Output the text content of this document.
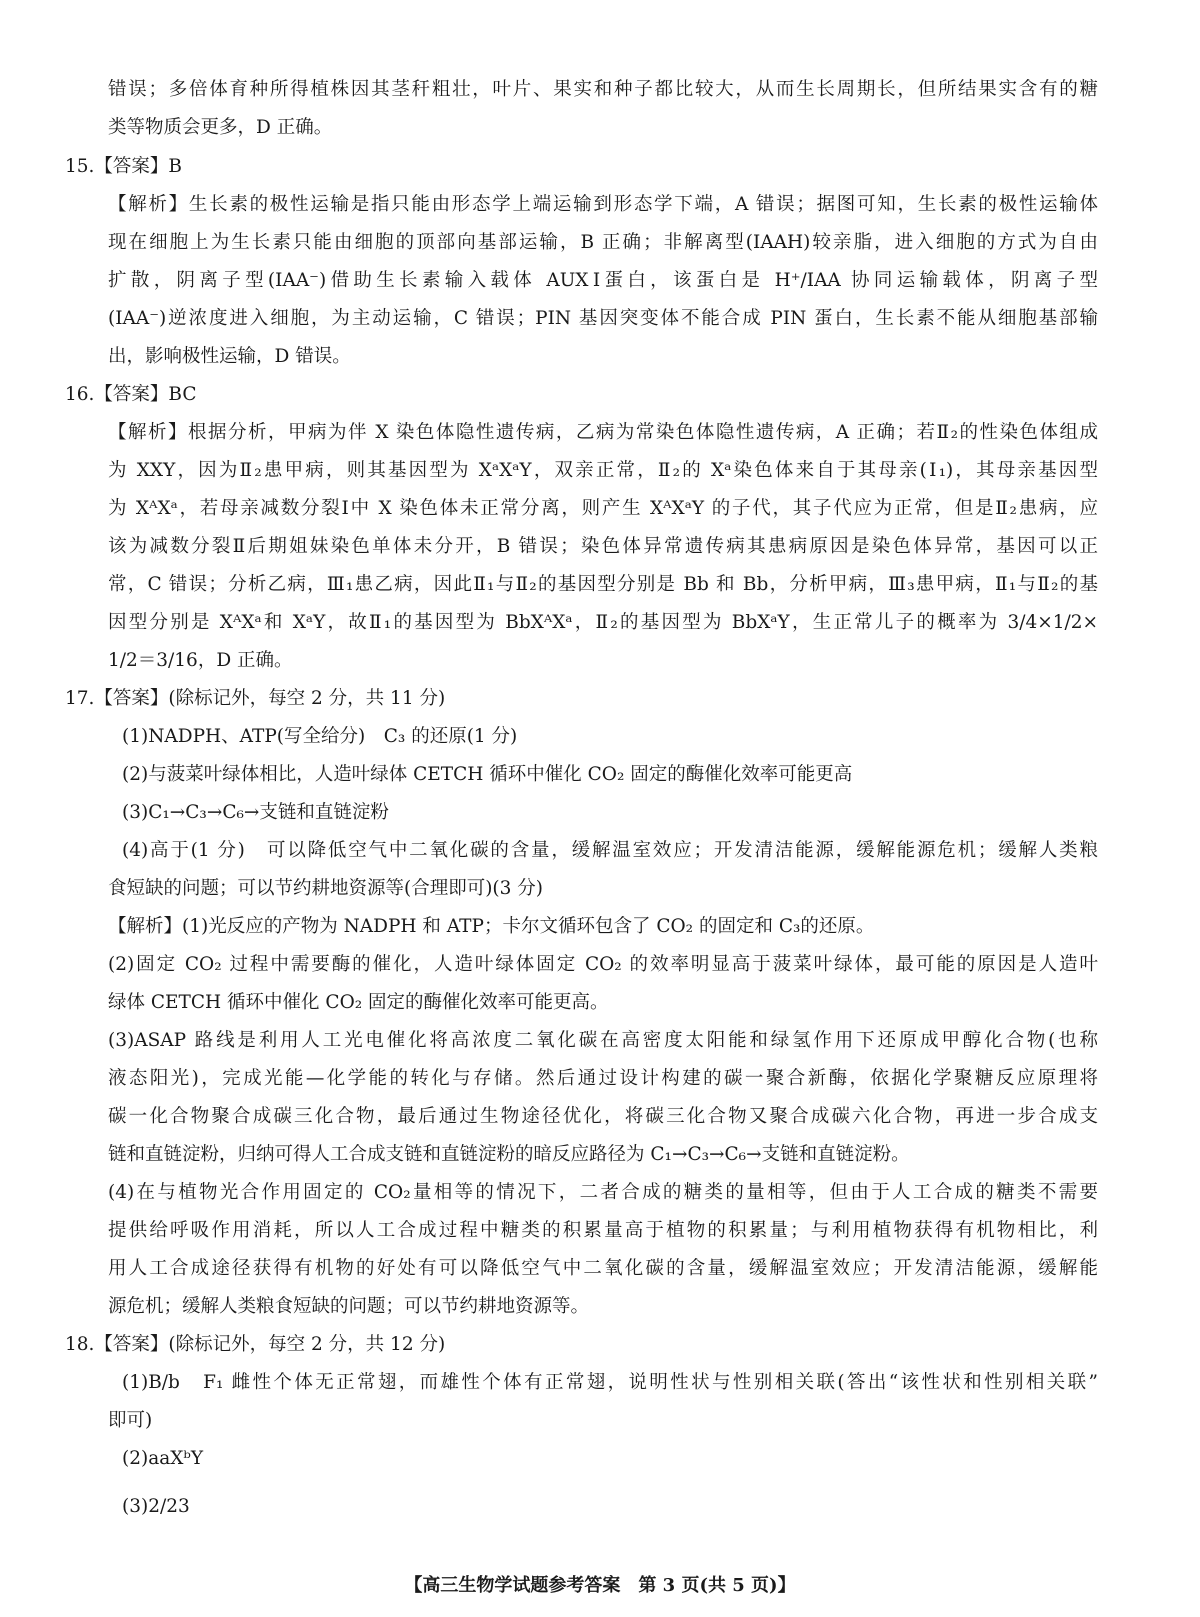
错误；多倍体育种所得植株因其茎秆粗壮，叶片、果实和种子都比较大，从而生长周期长，但所结果实含有的糖
类等物质会更多，D 正确。
15.【答案】B
【解析】生长素的极性运输是指只能由形态学上端运输到形态学下端，A 错误；据图可知，生长素的极性运输体
现在细胞上为生长素只能由细胞的顶部向基部运输，B 正确；非解离型(IAAH)较亲脂，进入细胞的方式为自由
扩散，阴离子型(IAA⁻)借助生长素输入载体 AUXⅠ蛋白，该蛋白是 H⁺/IAA 协同运输载体，阴离子型
(IAA⁻)逆浓度进入细胞，为主动运输，C 错误；PIN 基因突变体不能合成 PIN 蛋白，生长素不能从细胞基部输
出，影响极性运输，D 错误。
16.【答案】BC
【解析】根据分析，甲病为伴 X 染色体隐性遗传病，乙病为常染色体隐性遗传病，A 正确；若Ⅱ₂的性染色体组成
为 XXY，因为Ⅱ₂患甲病，则其基因型为 XᵃXᵃY，双亲正常，Ⅱ₂的 Xᵃ染色体来自于其母亲(Ⅰ₁)，其母亲基因型
为 XᴬXᵃ，若母亲减数分裂Ⅰ中 X 染色体未正常分离，则产生 XᴬXᵃY 的子代，其子代应为正常，但是Ⅱ₂患病，应
该为减数分裂Ⅱ后期姐妹染色单体未分开，B 错误；染色体异常遗传病其患病原因是染色体异常，基因可以正
常，C 错误；分析乙病，Ⅲ₁患乙病，因此Ⅱ₁与Ⅱ₂的基因型分别是 Bb 和 Bb，分析甲病，Ⅲ₃患甲病，Ⅱ₁与Ⅱ₂的基
因型分别是 XᴬXᵃ和 XᵃY，故Ⅱ₁的基因型为 BbXᴬXᵃ，Ⅱ₂的基因型为 BbXᵃY，生正常儿子的概率为 3/4×1/2×
1/2＝3/16，D 正确。
17.【答案】(除标记外，每空 2 分，共 11 分)
(1)NADPH、ATP(写全给分)　C₃ 的还原(1 分)
(2)与菠菜叶绿体相比，人造叶绿体 CETCH 循环中催化 CO₂ 固定的酶催化效率可能更高
(3)C₁→C₃→C₆→支链和直链淀粉
(4)高于(1 分)　可以降低空气中二氧化碳的含量，缓解温室效应；开发清洁能源，缓解能源危机；缓解人类粮
食短缺的问题；可以节约耕地资源等(合理即可)(3 分)
【解析】(1)光反应的产物为 NADPH 和 ATP；卡尔文循环包含了 CO₂ 的固定和 C₃的还原。
(2)固定 CO₂ 过程中需要酶的催化，人造叶绿体固定 CO₂ 的效率明显高于菠菜叶绿体，最可能的原因是人造叶
绿体 CETCH 循环中催化 CO₂ 固定的酶催化效率可能更高。
(3)ASAP 路线是利用人工光电催化将高浓度二氧化碳在高密度太阳能和绿氢作用下还原成甲醇化合物(也称
液态阳光)，完成光能—化学能的转化与存储。然后通过设计构建的碳一聚合新酶，依据化学聚糖反应原理将
碳一化合物聚合成碳三化合物，最后通过生物途径优化，将碳三化合物又聚合成碳六化合物，再进一步合成支
链和直链淀粉，归纳可得人工合成支链和直链淀粉的暗反应路径为 C₁→C₃→C₆→支链和直链淀粉。
(4)在与植物光合作用固定的 CO₂量相等的情况下，二者合成的糖类的量相等，但由于人工合成的糖类不需要
提供给呼吸作用消耗，所以人工合成过程中糖类的积累量高于植物的积累量；与利用植物获得有机物相比，利
用人工合成途径获得有机物的好处有可以降低空气中二氧化碳的含量，缓解温室效应；开发清洁能源，缓解能
源危机；缓解人类粮食短缺的问题；可以节约耕地资源等。
18.【答案】(除标记外，每空 2 分，共 12 分)
(1)B/b　F₁ 雌性个体无正常翅，而雄性个体有正常翅，说明性状与性别相关联(答出“该性状和性别相关联”
即可)
(2)aaXᵇY
(3)2/23
【高三生物学试题参考答案　第 3 页(共 5 页)】
